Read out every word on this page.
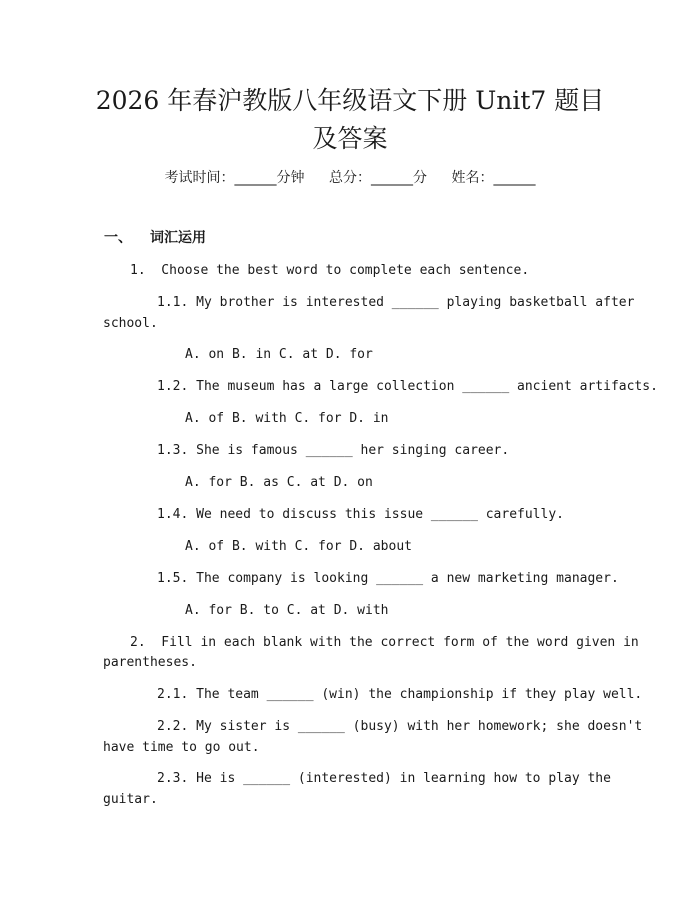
2026 年春沪教版八年级语文下册 Unit7 题目及答案
考试时间：______分钟 总分：______分 姓名：______
一、 词汇运用
1.  Choose the best word to complete each sentence.
1.1. My brother is interested ______ playing basketball after
school.
A. on B. in C. at D. for
1.2. The museum has a large collection ______ ancient artifacts.
A. of B. with C. for D. in
1.3. She is famous ______ her singing career.
A. for B. as C. at D. on
1.4. We need to discuss this issue ______ carefully.
A. of B. with C. for D. about
1.5. The company is looking ______ a new marketing manager.
A. for B. to C. at D. with
2.  Fill in each blank with the correct form of the word given in
parentheses.
2.1. The team ______ (win) the championship if they play well.
2.2. My sister is ______ (busy) with her homework; she doesn't
have time to go out.
2.3. He is ______ (interested) in learning how to play the
guitar.
